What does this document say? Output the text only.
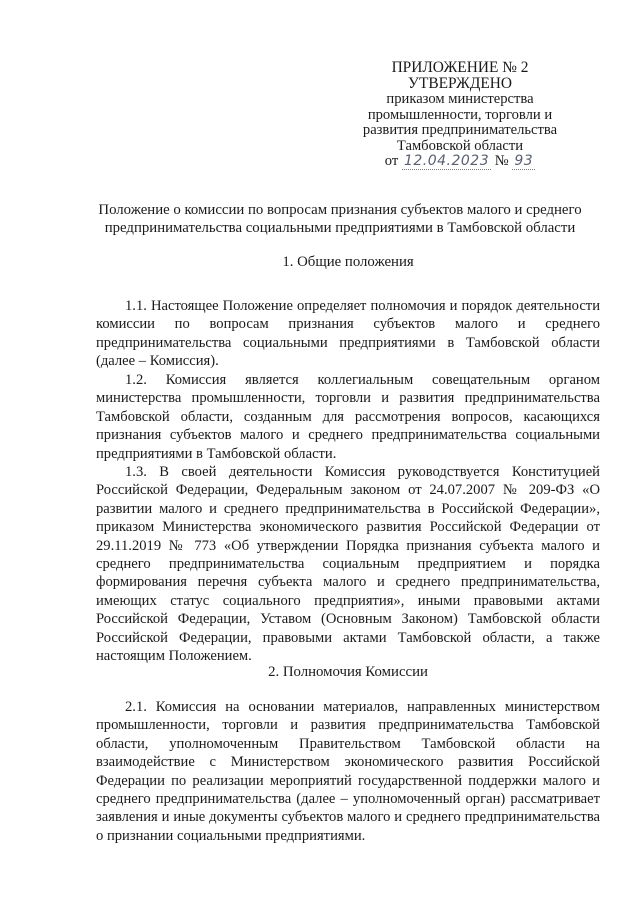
ПРИЛОЖЕНИЕ № 2
УТВЕРЖДЕНО
приказом министерства
промышленности, торговли и
развития предпринимательства
Тамбовской области
от 12.04.2023 № 93
Положение о комиссии по вопросам признания субъектов малого и среднего предпринимательства социальными предприятиями в Тамбовской области
1. Общие положения
1.1. Настоящее Положение определяет полномочия и порядок деятельности комиссии по вопросам признания субъектов малого и среднего предпринимательства социальными предприятиями в Тамбовской области (далее – Комиссия).
1.2. Комиссия является коллегиальным совещательным органом министерства промышленности, торговли и развития предпринимательства Тамбовской области, созданным для рассмотрения вопросов, касающихся признания субъектов малого и среднего предпринимательства социальными предприятиями в Тамбовской области.
1.3. В своей деятельности Комиссия руководствуется Конституцией Российской Федерации, Федеральным законом от 24.07.2007 № 209-ФЗ «О развитии малого и среднего предпринимательства в Российской Федерации», приказом Министерства экономического развития Российской Федерации от 29.11.2019 № 773 «Об утверждении Порядка признания субъекта малого и среднего предпринимательства социальным предприятием и порядка формирования перечня субъекта малого и среднего предпринимательства, имеющих статус социального предприятия», иными правовыми актами Российской Федерации, Уставом (Основным Законом) Тамбовской области Российской Федерации, правовыми актами Тамбовской области, а также настоящим Положением.
2. Полномочия Комиссии
2.1. Комиссия на основании материалов, направленных министерством промышленности, торговли и развития предпринимательства Тамбовской области, уполномоченным Правительством Тамбовской области на взаимодействие с Министерством экономического развития Российской Федерации по реализации мероприятий государственной поддержки малого и среднего предпринимательства (далее – уполномоченный орган) рассматривает заявления и иные документы субъектов малого и среднего предпринимательства о признании социальными предприятиями.
